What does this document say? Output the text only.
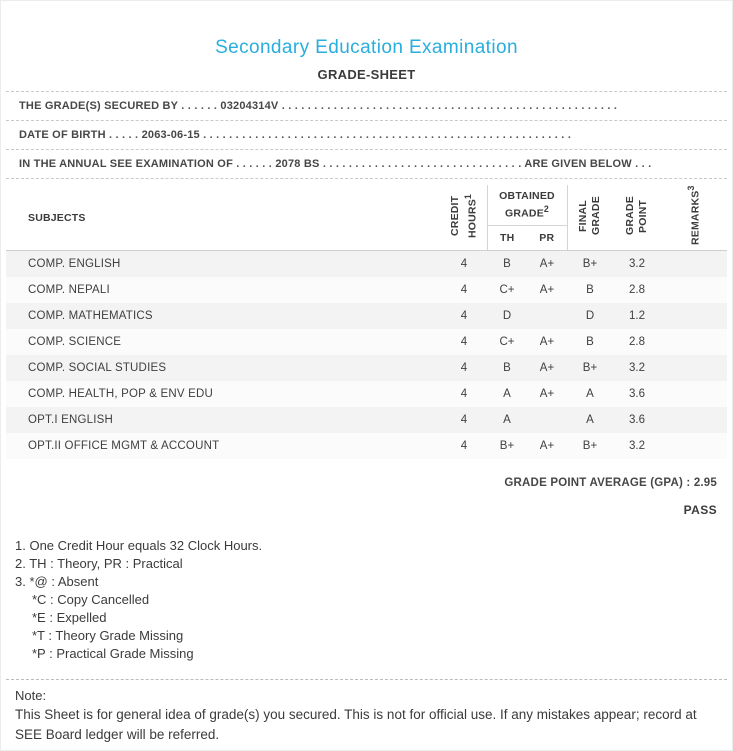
Secondary Education Examination
GRADE-SHEET
THE GRADE(S) SECURED BY . . . . . . 03204314V . . . . . . . . . . . . . . . . . . . . . . . . . . . . . . . . . . . . . . . . . . . . . . . . . . . .
DATE OF BIRTH . . . . . 2063-06-15 . . . . . . . . . . . . . . . . . . . . . . . . . . . . . . . . . . . . . . . . . . . . . . . . . . . . . . . . .
IN THE ANNUAL SEE EXAMINATION OF . . . . . . 2078 BS . . . . . . . . . . . . . . . . . . . . . . . . . . . . . . . ARE GIVEN BELOW . . .
SUBJECTS	CREDIT HOURS$^1$	OBTAINED GRADE$^2$		FINAL GRADE	GRADE POINT	REMARKS$^3$
		TH	PR			
COMP. ENGLISH	4	B	A+	B+	3.2	
COMP. NEPALI	4	C+	A+	B	2.8	
COMP. MATHEMATICS	4	D		D	1.2	
COMP. SCIENCE	4	C+	A+	B	2.8	
COMP. SOCIAL STUDIES	4	B	A+	B+	3.2	
COMP. HEALTH, POP & ENV EDU	4	A	A+	A	3.6	
OPT.I ENGLISH	4	A		A	3.6	
OPT.II OFFICE MGMT & ACCOUNT	4	B+	A+	B+	3.2	
GRADE POINT AVERAGE (GPA) : 2.95
PASS
1. One Credit Hour equals 32 Clock Hours.
2. TH : Theory, PR : Practical
3. *@ : Absent
*C : Copy Cancelled
*E : Expelled
*T : Theory Grade Missing
*P : Practical Grade Missing
Note:
This Sheet is for general idea of grade(s) you secured. This is not for official use. If any mistakes appear; record at SEE Board ledger will be referred.
